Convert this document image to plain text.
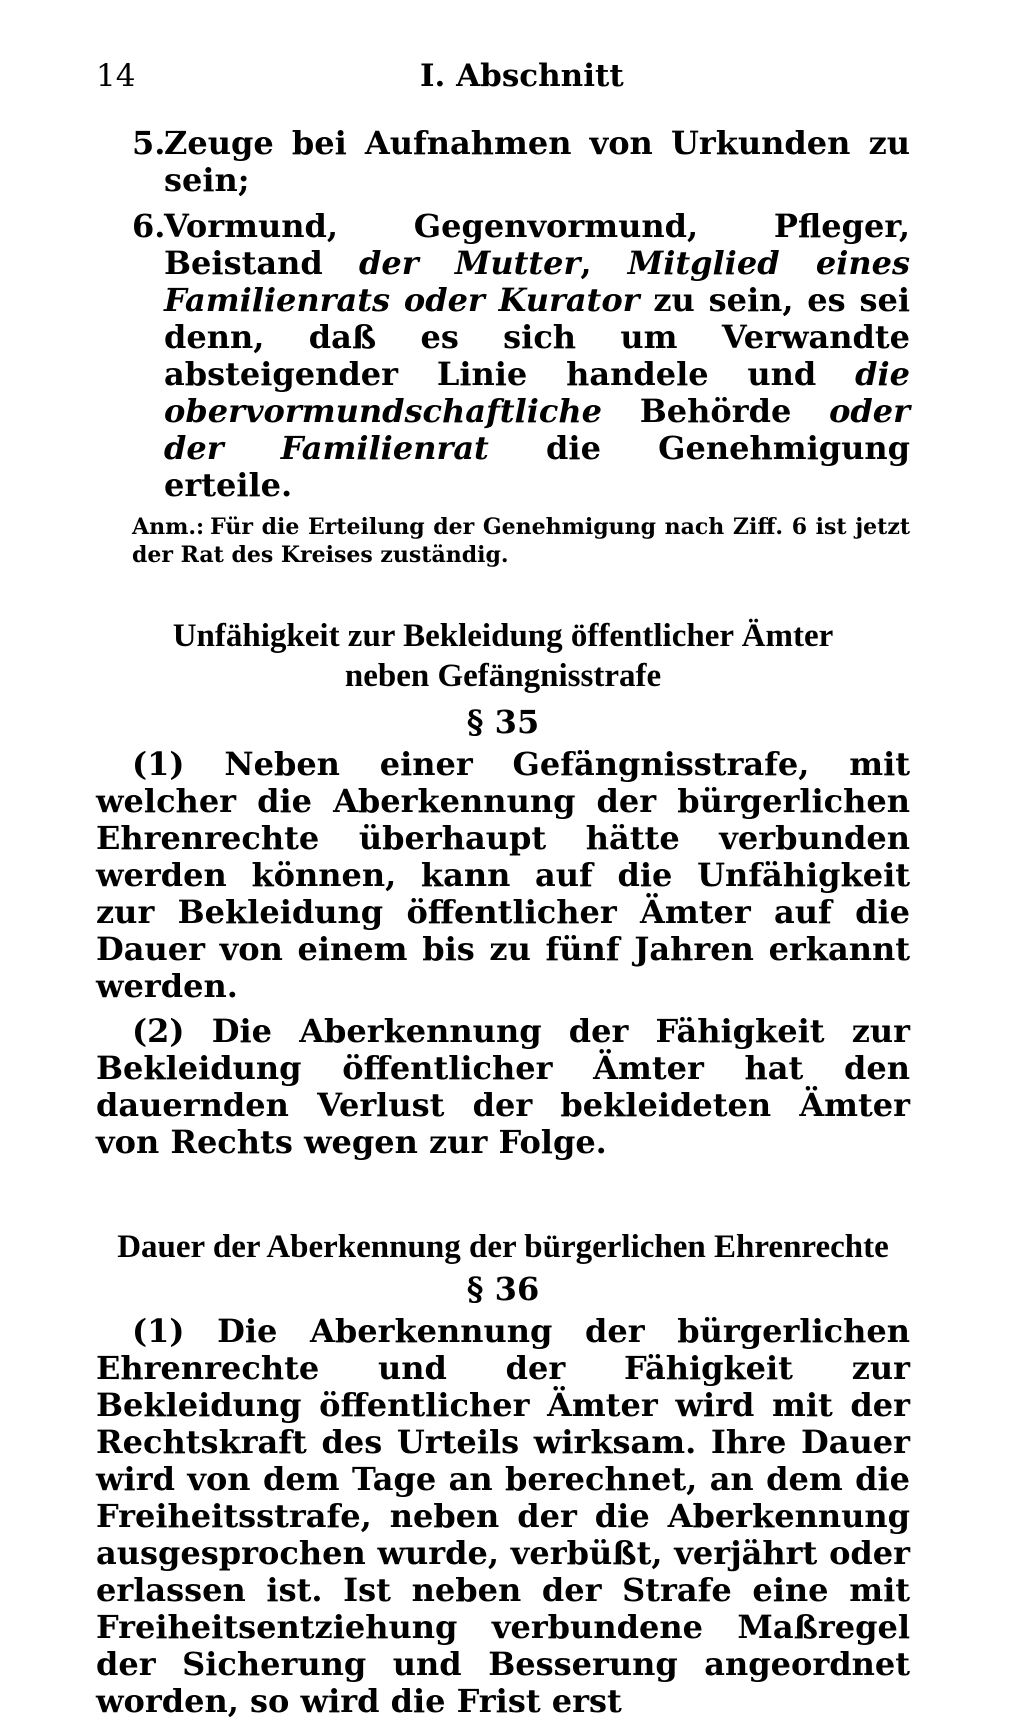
14	I. Abschnitt
5.
Zeuge bei Aufnahmen von Urkunden zu sein;
6.
Vormund, Gegenvormund, Pfleger, Beistand der Mutter, Mitglied eines Familienrats oder Kurator zu sein, es sei denn, daß es sich um Verwandte absteigender Linie handele und die obervormundschaftliche Behörde oder der Familienrat die Genehmigung erteile.
Anm.: Für die Erteilung der Genehmigung nach Ziff. 6 ist jetzt der Rat des Kreises zuständig.
Unfähigkeit zur Bekleidung öffentlicher Ämter
neben Gefängnisstrafe
§ 35

(1) Neben einer Gefängnisstrafe, mit welcher die Aberkennung der bürgerlichen Ehrenrechte überhaupt hätte verbunden werden können, kann auf die Unfähigkeit zur Bekleidung öffentlicher Ämter auf die Dauer von einem bis zu fünf Jahren erkannt werden.

(2) Die Aberkennung der Fähigkeit zur Bekleidung öffentlicher Ämter hat den dauernden Verlust der bekleideten Ämter von Rechts wegen zur Folge.

Dauer der Aberkennung der bürgerlichen Ehrenrechte
§ 36

(1) Die Aberkennung der bürgerlichen Ehrenrechte und der Fähigkeit zur Bekleidung öffentlicher Ämter wird mit der Rechtskraft des Urteils wirksam. Ihre Dauer wird von dem Tage an berechnet, an dem die Freiheitsstrafe, neben der die Aberkennung ausgesprochen wurde, verbüßt, verjährt oder erlassen ist. Ist neben der Strafe eine mit Freiheitsentziehung verbundene Maßregel der Sicherung und Besserung angeordnet worden, so wird die Frist erst
